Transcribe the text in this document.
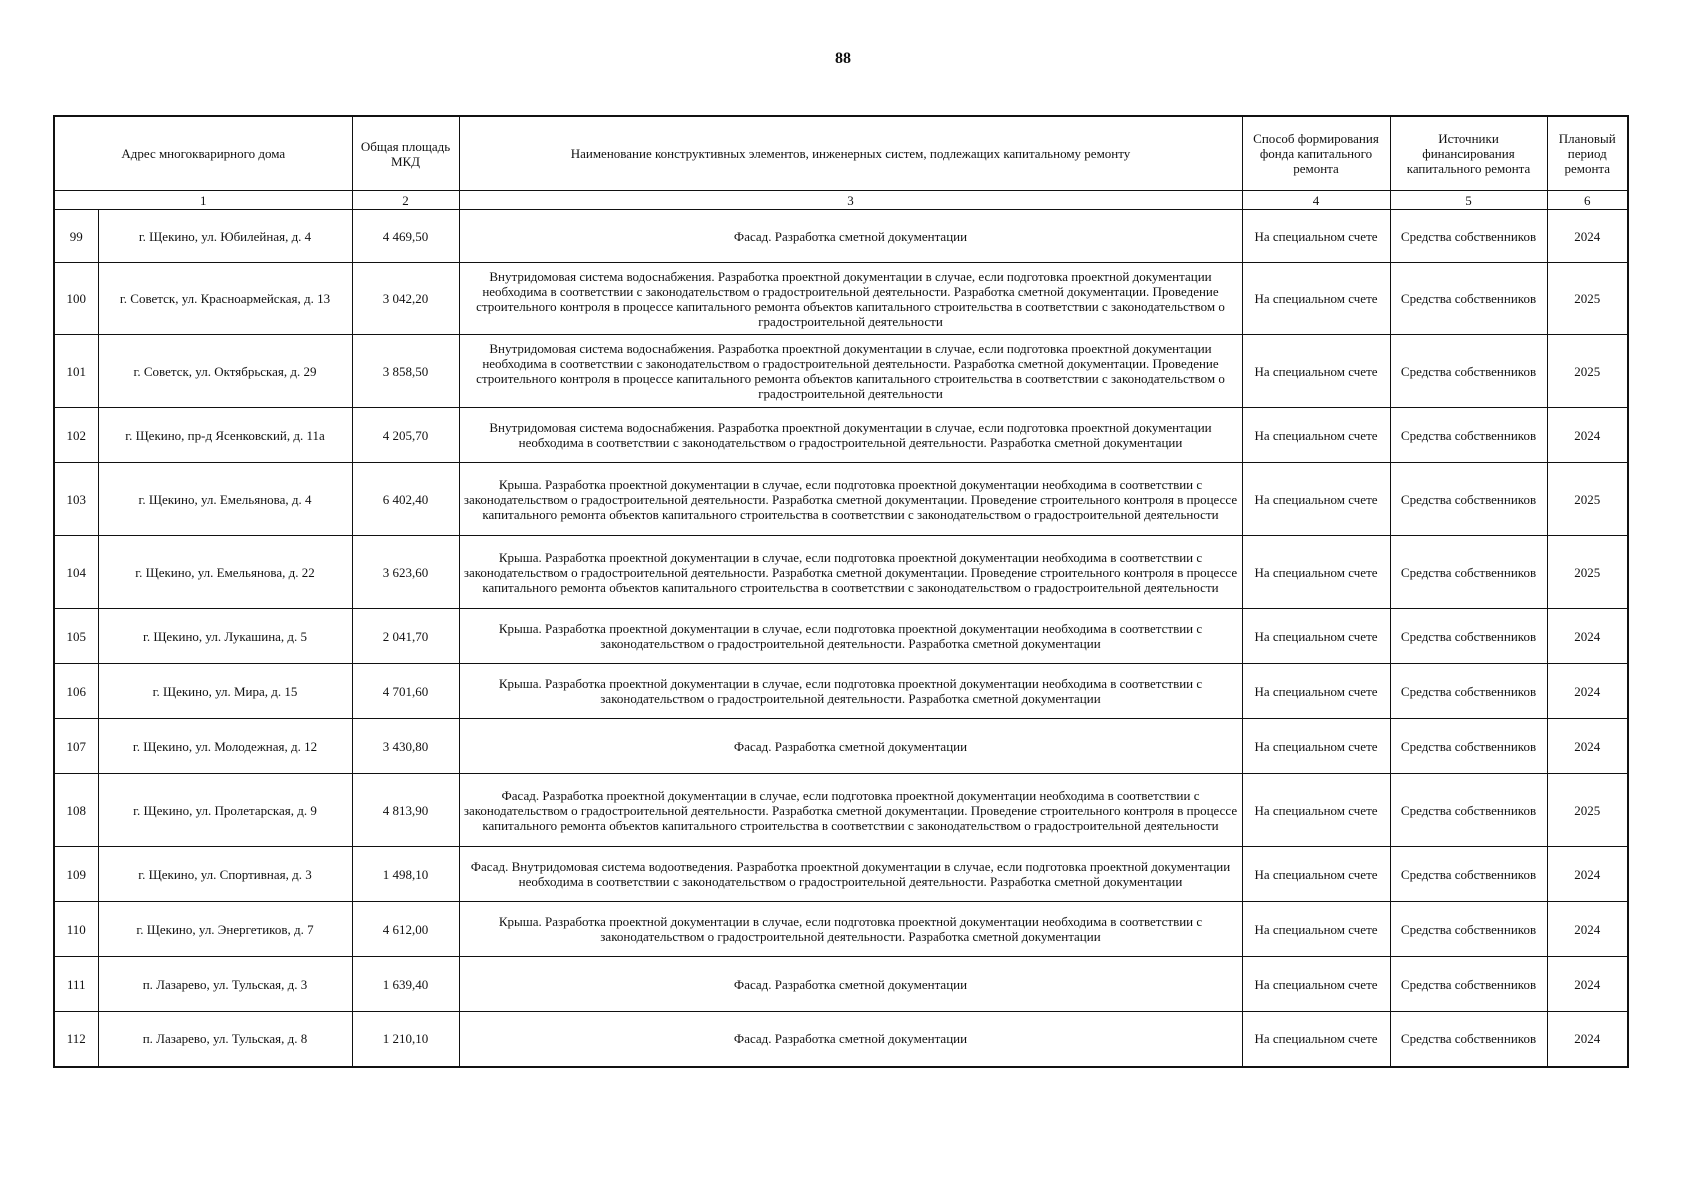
88
Адрес многокварирного дома		Общая площадь МКД	Наименование конструктивных элементов, инженерных систем, подлежащих капитальному ремонту	Способ формирования фонда капитального ремонта	Источники финансирования капитального ремонта	Плановый период ремонта
1		2	3	4	5	6
99	г. Щекино, ул. Юбилейная, д. 4	4 469,50	Фасад. Разработка сметной документации	На специальном счете	Средства собственников	2024
100	г. Советск, ул. Красноармейская, д. 13	3 042,20	Внутридомовая система водоснабжения. Разработка проектной документации в случае, если подготовка проектной документации необходима в соответствии с законодательством о градостроительной деятельности. Разработка сметной документации. Проведение строительного контроля в процессе капитального ремонта объектов капитального строительства в соответствии с законодательством о градостроительной деятельности	На специальном счете	Средства собственников	2025
101	г. Советск, ул. Октябрьская, д. 29	3 858,50	Внутридомовая система водоснабжения. Разработка проектной документации в случае, если подготовка проектной документации необходима в соответствии с законодательством о градостроительной деятельности. Разработка сметной документации. Проведение строительного контроля в процессе капитального ремонта объектов капитального строительства в соответствии с законодательством о градостроительной деятельности	На специальном счете	Средства собственников	2025
102	г. Щекино, пр-д Ясенковский, д. 11а	4 205,70	Внутридомовая система водоснабжения. Разработка проектной документации в случае, если подготовка проектной документации необходима в соответствии с законодательством о градостроительной деятельности. Разработка сметной документации	На специальном счете	Средства собственников	2024
103	г. Щекино, ул. Емельянова, д. 4	6 402,40	Крыша. Разработка проектной документации в случае, если подготовка проектной документации необходима в соответствии с законодательством о градостроительной деятельности. Разработка сметной документации. Проведение строительного контроля в процессе капитального ремонта объектов капитального строительства в соответствии с законодательством о градостроительной деятельности	На специальном счете	Средства собственников	2025
104	г. Щекино, ул. Емельянова, д. 22	3 623,60	Крыша. Разработка проектной документации в случае, если подготовка проектной документации необходима в соответствии с законодательством о градостроительной деятельности. Разработка сметной документации. Проведение строительного контроля в процессе капитального ремонта объектов капитального строительства в соответствии с законодательством о градостроительной деятельности	На специальном счете	Средства собственников	2025
105	г. Щекино, ул. Лукашина, д. 5	2 041,70	Крыша. Разработка проектной документации в случае, если подготовка проектной документации необходима в соответствии с законодательством о градостроительной деятельности. Разработка сметной документации	На специальном счете	Средства собственников	2024
106	г. Щекино, ул. Мира, д. 15	4 701,60	Крыша. Разработка проектной документации в случае, если подготовка проектной документации необходима в соответствии с законодательством о градостроительной деятельности. Разработка сметной документации	На специальном счете	Средства собственников	2024
107	г. Щекино, ул. Молодежная, д. 12	3 430,80	Фасад. Разработка сметной документации	На специальном счете	Средства собственников	2024
108	г. Щекино, ул. Пролетарская, д. 9	4 813,90	Фасад. Разработка проектной документации в случае, если подготовка проектной документации необходима в соответствии с законодательством о градостроительной деятельности. Разработка сметной документации. Проведение строительного контроля в процессе капитального ремонта объектов капитального строительства в соответствии с законодательством о градостроительной деятельности	На специальном счете	Средства собственников	2025
109	г. Щекино, ул. Спортивная, д. 3	1 498,10	Фасад. Внутридомовая система водоотведения. Разработка проектной документации в случае, если подготовка проектной документации необходима в соответствии с законодательством о градостроительной деятельности. Разработка сметной документации	На специальном счете	Средства собственников	2024
110	г. Щекино, ул. Энергетиков, д. 7	4 612,00	Крыша. Разработка проектной документации в случае, если подготовка проектной документации необходима в соответствии с законодательством о градостроительной деятельности. Разработка сметной документации	На специальном счете	Средства собственников	2024
111	п. Лазарево, ул. Тульская, д. 3	1 639,40	Фасад. Разработка сметной документации	На специальном счете	Средства собственников	2024
112	п. Лазарево, ул. Тульская, д. 8	1 210,10	Фасад. Разработка сметной документации	На специальном счете	Средства собственников	2024
